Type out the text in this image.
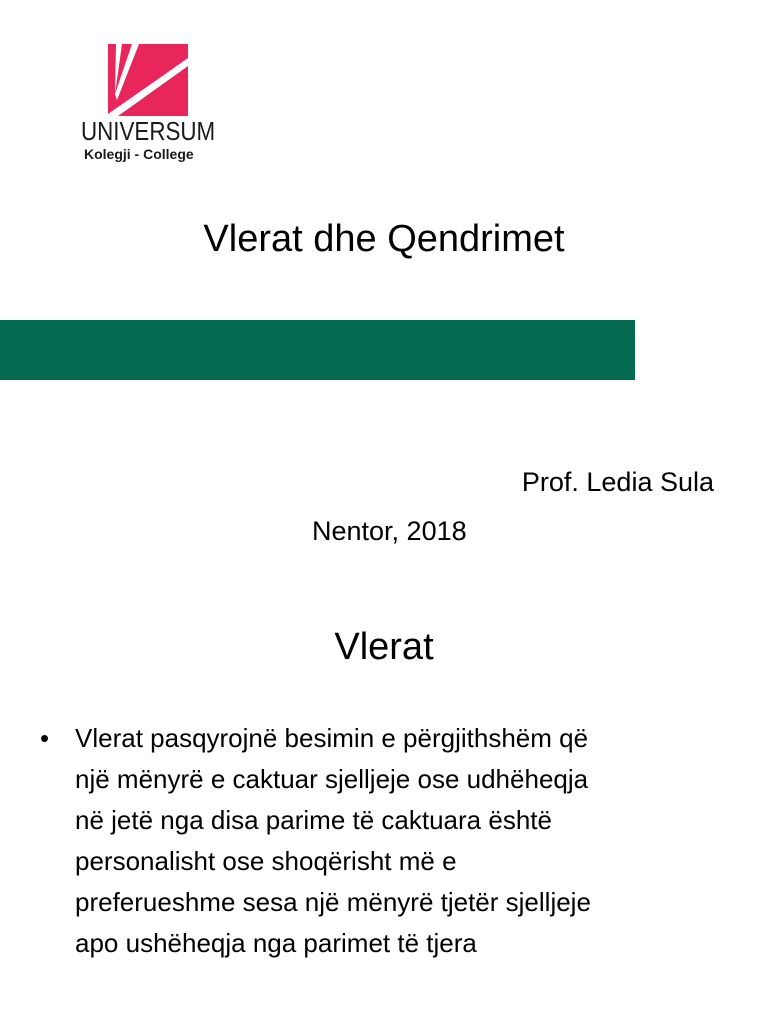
UNIVERSUM
Kolegji - College
Vlerat dhe Qendrimet
Prof. Ledia Sula
Nentor, 2018
Vlerat
• Vlerat pasqyrojnë besimin e përgjithshëm që
një mënyrë e caktuar sjelljeje ose udhëheqja
në jetë nga disa parime të caktuara është
personalisht ose shoqërisht më e
preferueshme sesa një mënyrë tjetër sjelljeje
apo ushëheqja nga parimet të tjera
